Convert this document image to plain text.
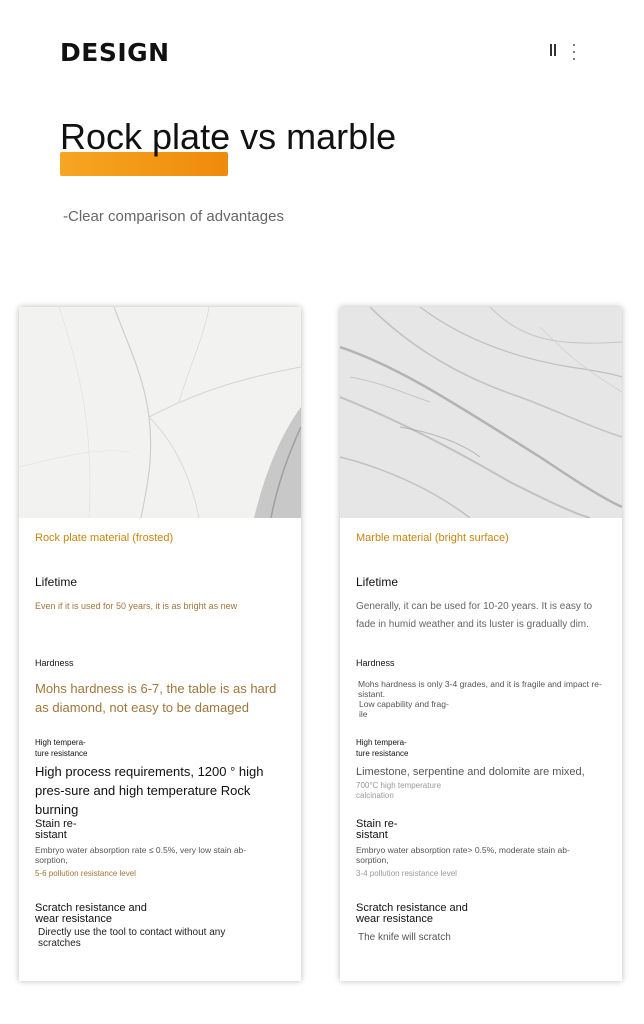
DESIGN
Rock plate vs marble
-Clear comparison of advantages
Rock plate material (frosted)
Lifetime
Even if it is used for 50 years, it is as bright as new
Hardness
Mohs hardness is 6-7, the table is as hard as diamond, not easy to be damaged
High tempera-ture resistance
High process requirements, 1200 ° high pres-sure and high temperature Rock burning
Stain re-sistant
Embryo water absorption rate ≤ 0.5%, very low stain ab-sorption,
5-6 pollution resistance level
Scratch resistance and wear resistance
Directly use the tool to contact without any scratches
Marble material (bright surface)
Lifetime
Generally, it can be used for 10-20 years. It is easy to fade in humid weather and its luster is gradually dim.
Hardness
Mohs hardness is only 3-4 grades, and it is fragile and impact re-sistant.
Low capability and frag-ile
High tempera-ture resistance
Limestone, serpentine and dolomite are mixed,
700°C high temperature calcination
Stain re-sistant
Embryo water absorption rate> 0.5%, moderate stain ab-sorption,
3-4 pollution resistance level
Scratch resistance and wear resistance
The knife will scratch
